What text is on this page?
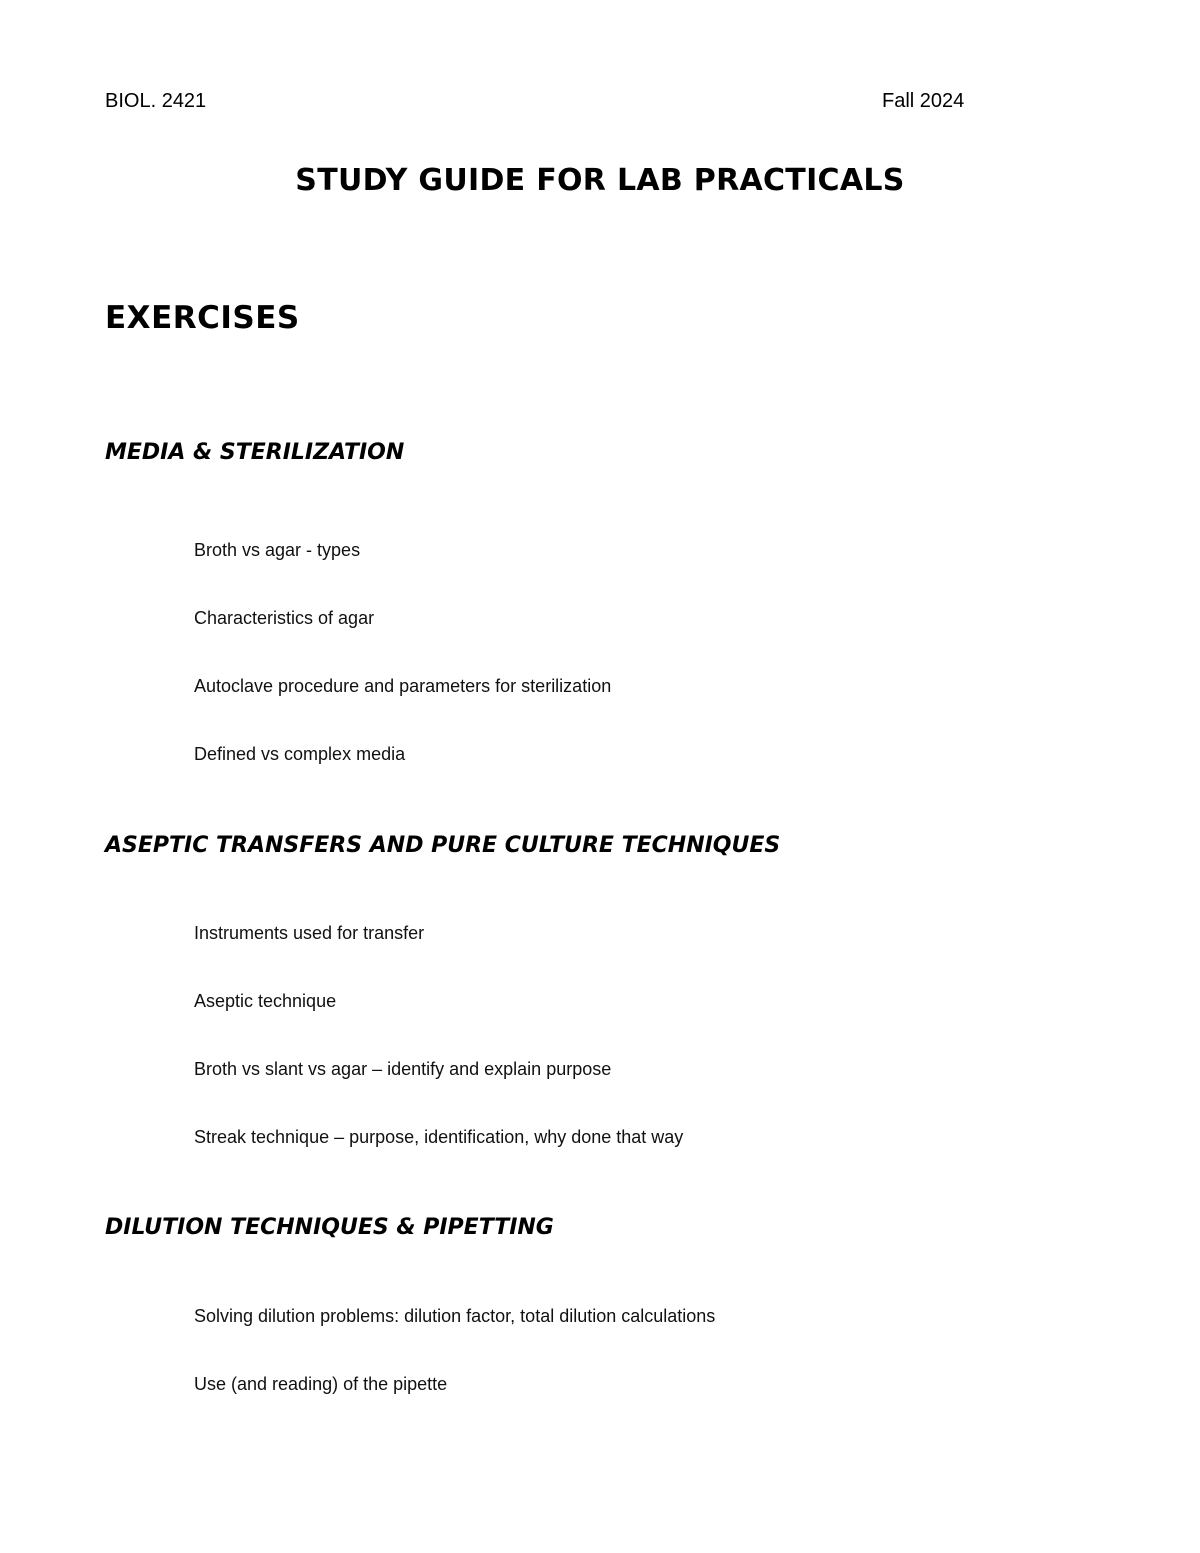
BIOL. 2421	Fall 2024
STUDY GUIDE FOR LAB PRACTICALS
EXERCISES
MEDIA & STERILIZATION
Broth vs agar - types
Characteristics of agar
Autoclave procedure and parameters for sterilization
Defined vs complex media
ASEPTIC TRANSFERS AND PURE CULTURE TECHNIQUES
Instruments used for transfer
Aseptic technique
Broth vs slant vs agar – identify and explain purpose
Streak technique – purpose, identification, why done that way
DILUTION TECHNIQUES & PIPETTING
Solving dilution problems: dilution factor, total dilution calculations
Use (and reading) of the pipette
